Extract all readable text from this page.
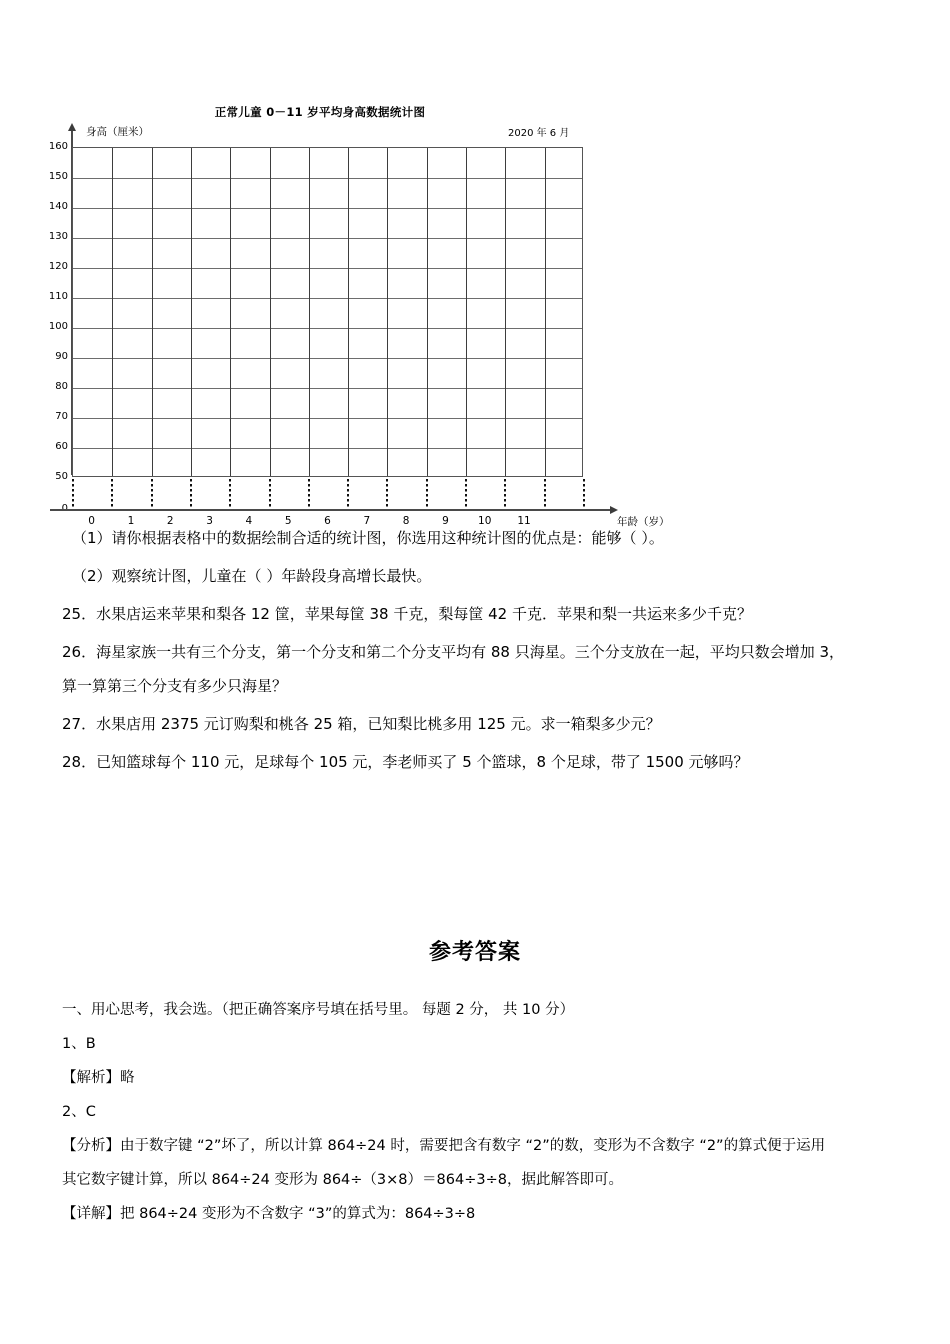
正常儿童 0－11 岁平均身高数据统计图
身高（厘米）	2020 年 6 月
160
150
140
130
120
110
100
90
80
70
60
50
0	1	2	3	4	5	6	7	8	9	10	11	年龄（岁）
（1）请你根据表格中的数据绘制合适的统计图，你选用这种统计图的优点是：能够（ ）。
（2）观察统计图，儿童在（ ）年龄段身高增长最快。
25．水果店运来苹果和梨各 12 筐，苹果每筐 38 千克，梨每筐 42 千克．苹果和梨一共运来多少千克？
26．海星家族一共有三个分支，第一个分支和第二个分支平均有 88 只海星。三个分支放在一起，平均只数会增加 3，
算一算第三个分支有多少只海星？
27．水果店用 2375 元订购梨和桃各 25 箱，已知梨比桃多用 125 元。求一箱梨多少元？
28．已知篮球每个 110 元，足球每个 105 元，李老师买了 5 个篮球，8 个足球，带了 1500 元够吗？
参考答案
一、用心思考，我会选。（把正确答案序号填在括号里。 每题 2 分， 共 10 分）
1、B
【解析】略
2、C
【分析】由于数字键 “2”坏了，所以计算 864÷24 时，需要把含有数字 “2”的数，变形为不含数字 “2”的算式便于运用
其它数字键计算，所以 864÷24 变形为 864÷（3×8）＝864÷3÷8，据此解答即可。
【详解】把 864÷24 变形为不含数字 “3”的算式为：864÷3÷8
